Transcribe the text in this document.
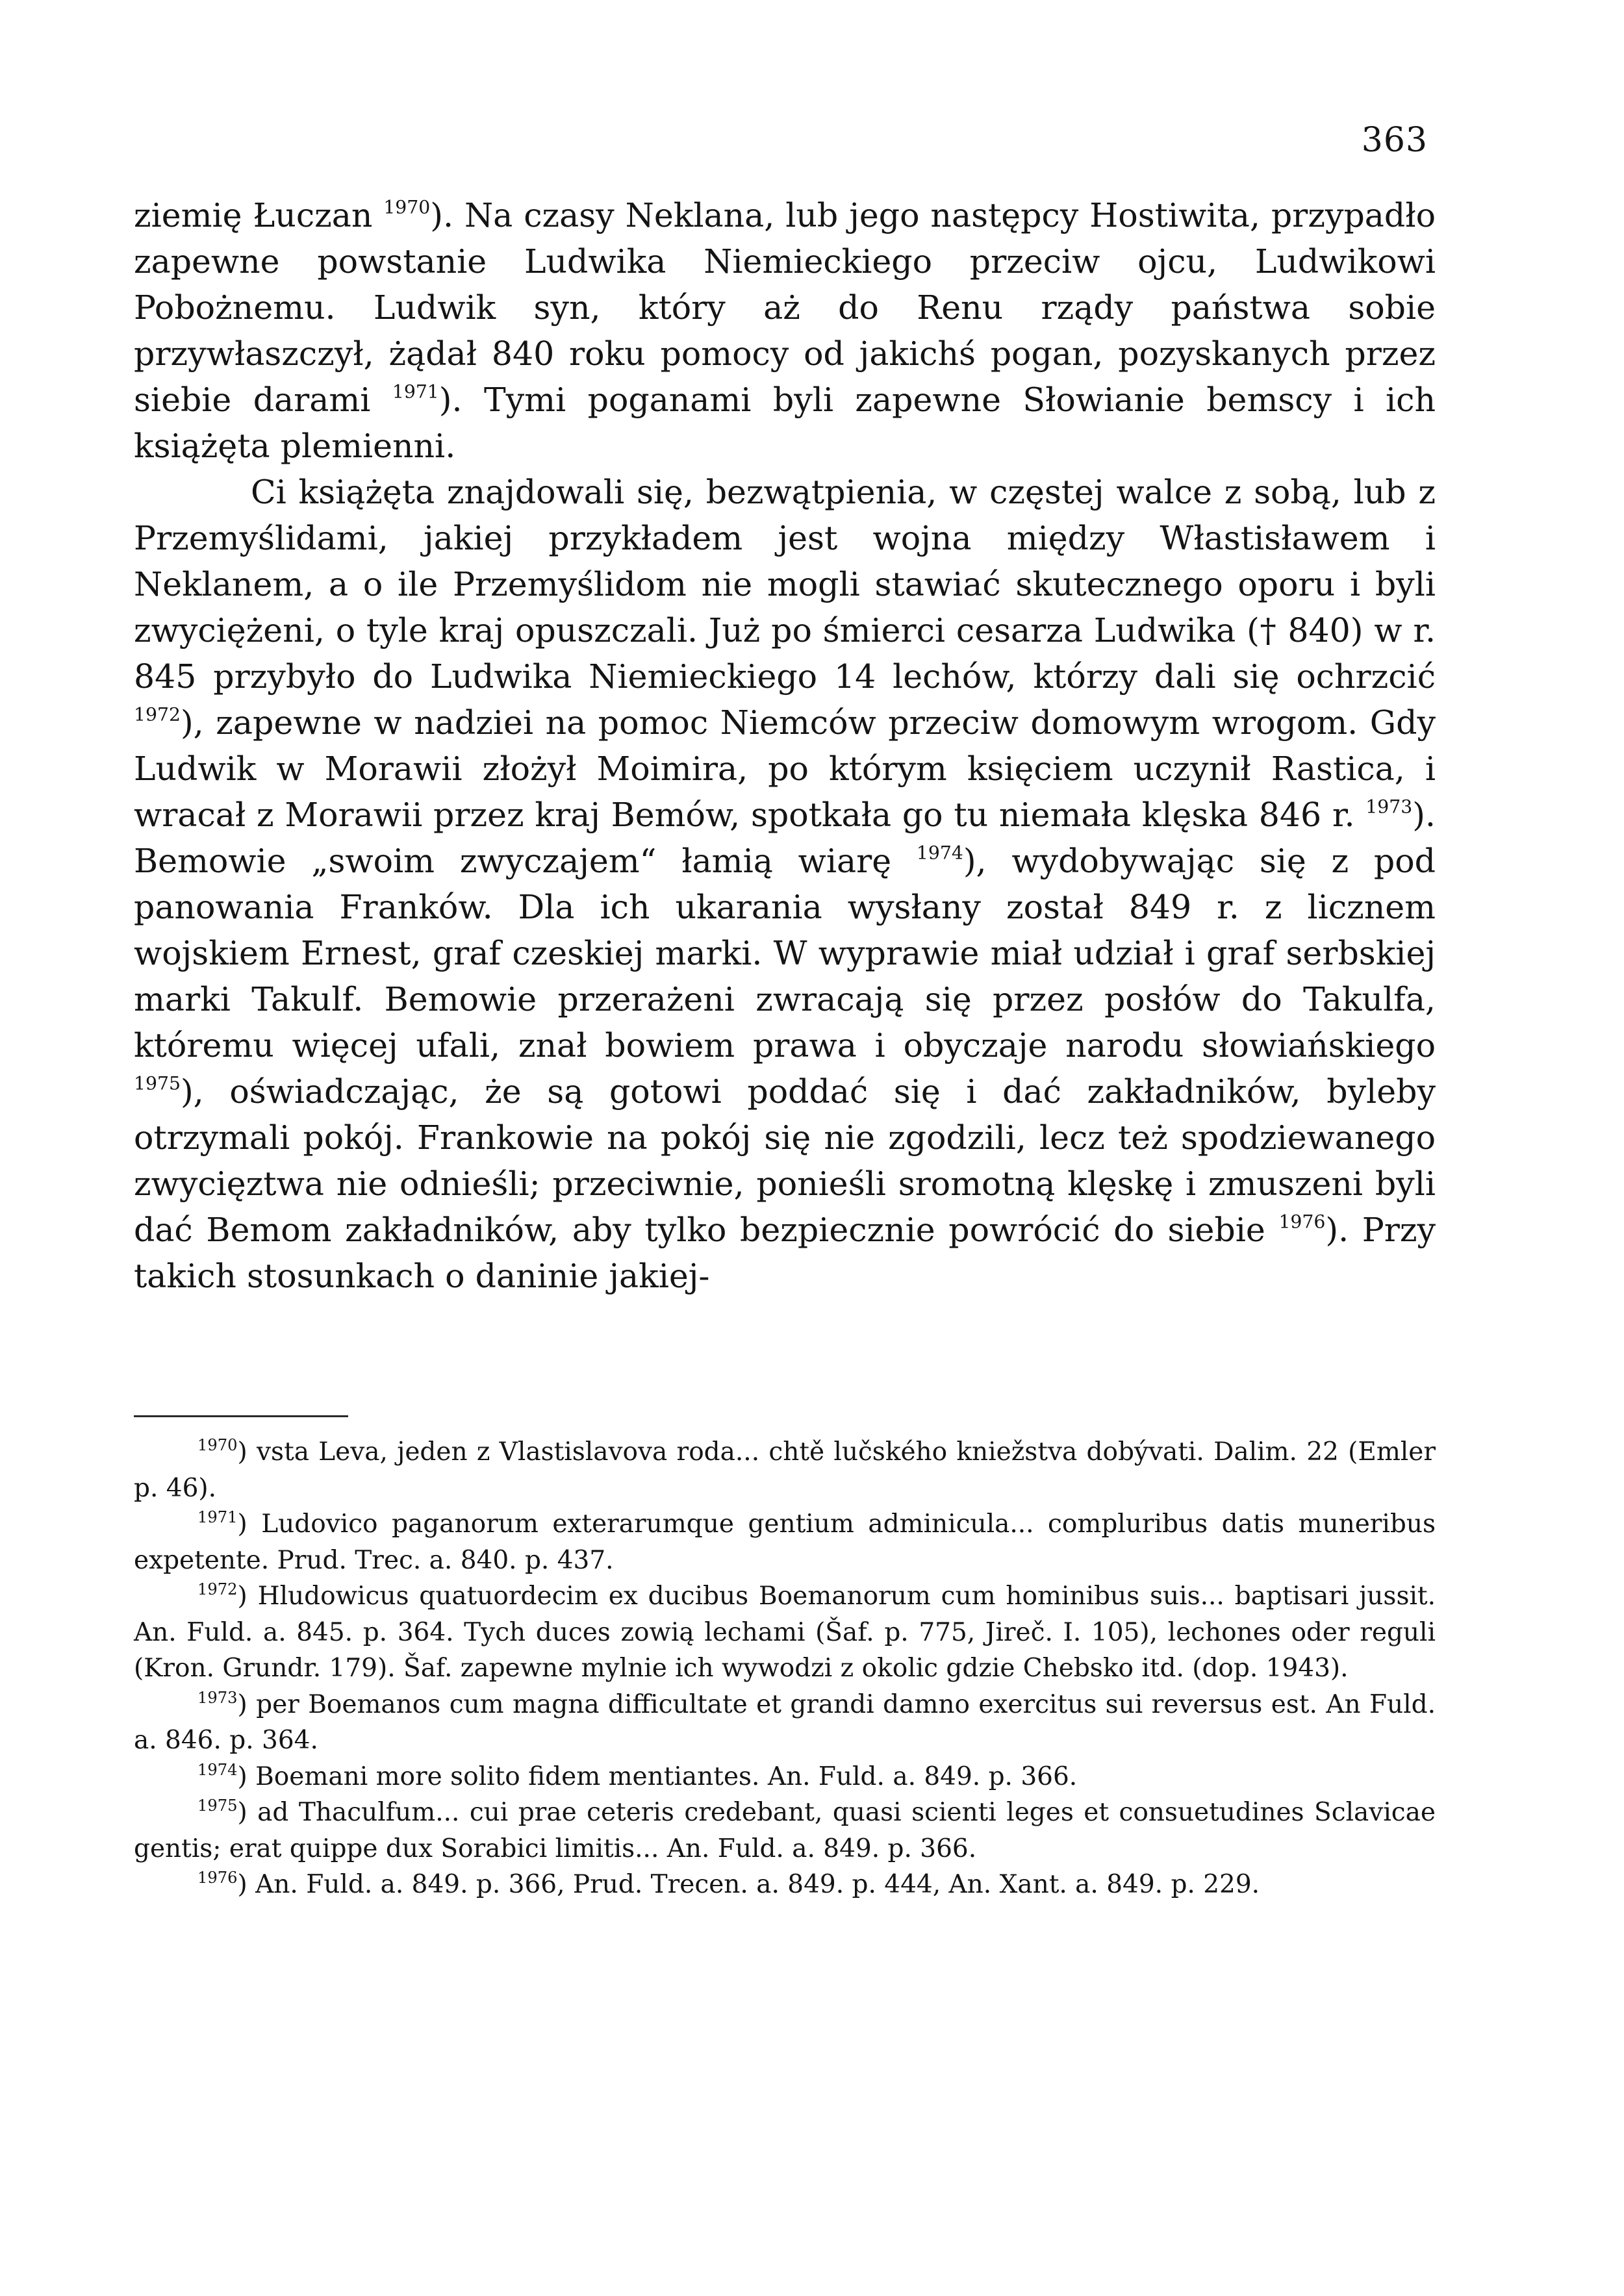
363

ziemię Łuczan $^{1970}$). Na czasy Neklana, lub jego następcy Hostiwita, przypadło zapewne powstanie Ludwika Niemieckiego przeciw ojcu, Ludwikowi Pobożnemu. Ludwik syn, który aż do Renu rządy państwa sobie przywłaszczył, żądał 840 roku pomocy od jakichś pogan, pozyskanych przez siebie darami $^{1971}$). Tymi poganami byli zapewne Słowianie bemscy i ich książęta plemienni.

Ci książęta znajdowali się, bezwątpienia, w częstej walce z sobą, lub z Przemyślidami, jakiej przykładem jest wojna między Włastisławem i Neklanem, a o ile Przemyślidom nie mogli stawiać skutecznego oporu i byli zwyciężeni, o tyle kraj opuszczali. Już po śmierci cesarza Ludwika († 840) w r. 845 przybyło do Ludwika Niemieckiego 14 lechów, którzy dali się ochrzcić $^{1972}$), zapewne w nadziei na pomoc Niemców przeciw domowym wrogom. Gdy Ludwik w Morawii złożył Moimira, po którym księciem uczynił Rastica, i wracał z Morawii przez kraj Bemów, spotkała go tu niemała klęska 846 r. $^{1973}$). Bemowie „swoim zwyczajem“ łamią wiarę $^{1974}$), wydobywając się z pod panowania Franków. Dla ich ukarania wysłany został 849 r. z licznem wojskiem Ernest, graf czeskiej marki. W wyprawie miał udział i graf serbskiej marki Takulf. Bemowie przerażeni zwracają się przez posłów do Takulfa, któremu więcej ufali, znał bowiem prawa i obyczaje narodu słowiańskiego $^{1975}$), oświadczając, że są gotowi poddać się i dać zakładników, byleby otrzymali pokój. Frankowie na pokój się nie zgodzili, lecz też spodziewanego zwycięztwa nie odnieśli; przeciwnie, ponieśli sromotną klęskę i zmuszeni byli dać Bemom zakładników, aby tylko bezpiecznie powrócić do siebie $^{1976}$). Przy takich stosunkach o daninie jakiej-

$^{1970}$) vsta Leva, jeden z Vlastislavova roda... chtě lučského kniežstva dobývati. Dalim. 22 (Emler p. 46).

$^{1971}$) Ludovico paganorum exterarumque gentium adminicula... compluribus datis muneribus expetente. Prud. Trec. a. 840. p. 437.

$^{1972}$) Hludowicus quatuordecim ex ducibus Boemanorum cum hominibus suis... baptisari jussit. An. Fuld. a. 845. p. 364. Tych duces zowią lechami (Šaf. p. 775, Jireč. I. 105), lechones oder reguli (Kron. Grundr. 179). Šaf. zapewne mylnie ich wywodzi z okolic gdzie Chebsko itd. (dop. 1943).

$^{1973}$) per Boemanos cum magna difficultate et grandi damno exercitus sui reversus est. An Fuld. a. 846. p. 364.

$^{1974}$) Boemani more solito fidem mentiantes. An. Fuld. a. 849. p. 366.

$^{1975}$) ad Thaculfum... cui prae ceteris credebant, quasi scienti leges et consuetudines Sclavicae gentis; erat quippe dux Sorabici limitis... An. Fuld. a. 849. p. 366.

$^{1976}$) An. Fuld. a. 849. p. 366, Prud. Trecen. a. 849. p. 444, An. Xant. a. 849. p. 229.
